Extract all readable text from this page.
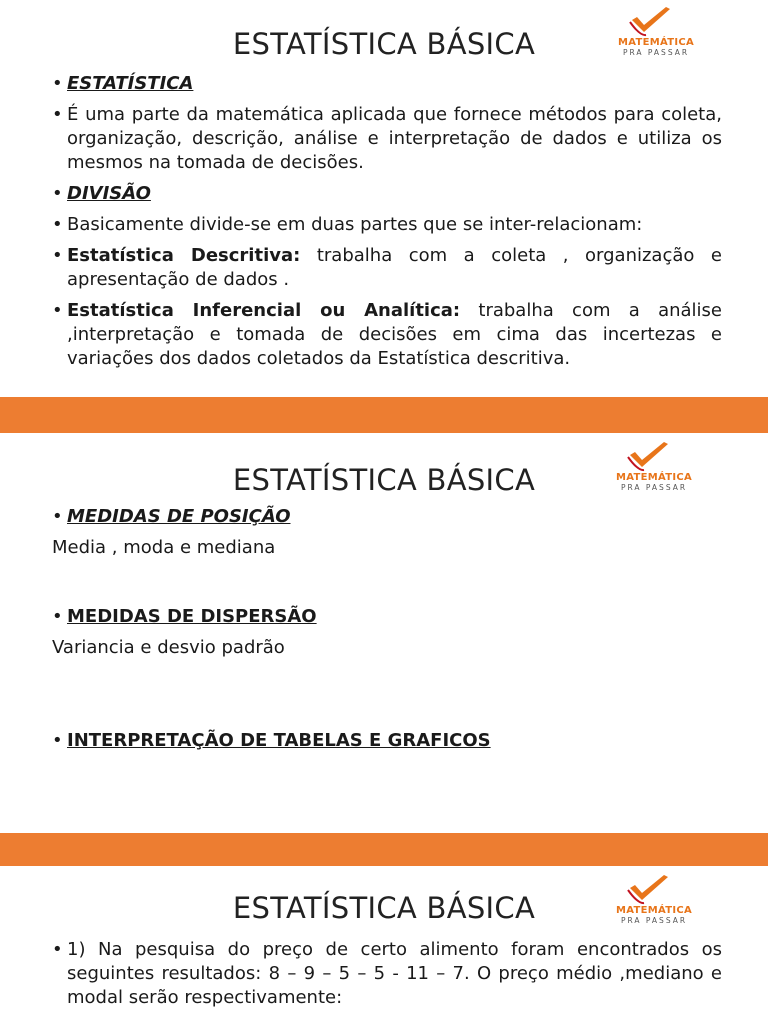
ESTATÍSTICA BÁSICA	MATEMÁTICA
PRA PASSAR
• ESTATÍSTICA
• É uma parte da matemática aplicada que fornece métodos para coleta, organização, descrição, análise e interpretação de dados e utiliza os mesmos na tomada de decisões.
• DIVISÃO
• Basicamente divide-se em duas partes que se inter-relacionam:
• Estatística Descritiva: trabalha com a coleta , organização e apresentação de dados .
• Estatística Inferencial ou Analítica: trabalha com a análise ,interpretação e tomada de decisões em cima das incertezas e variações dos dados coletados da Estatística descritiva.
ESTATÍSTICA BÁSICA	MATEMÁTICA
PRA PASSAR
• MEDIDAS DE POSIÇÃO
Media , moda e mediana
• MEDIDAS DE DISPERSÃO
Variancia e desvio padrão
• INTERPRETAÇÃO DE TABELAS E GRAFICOS
ESTATÍSTICA BÁSICA	MATEMÁTICA
PRA PASSAR
• 1) Na pesquisa do preço de certo alimento foram encontrados os seguintes resultados: 8 – 9 – 5 – 5 - 11 – 7. O preço médio ,mediano e modal serão respectivamente:
